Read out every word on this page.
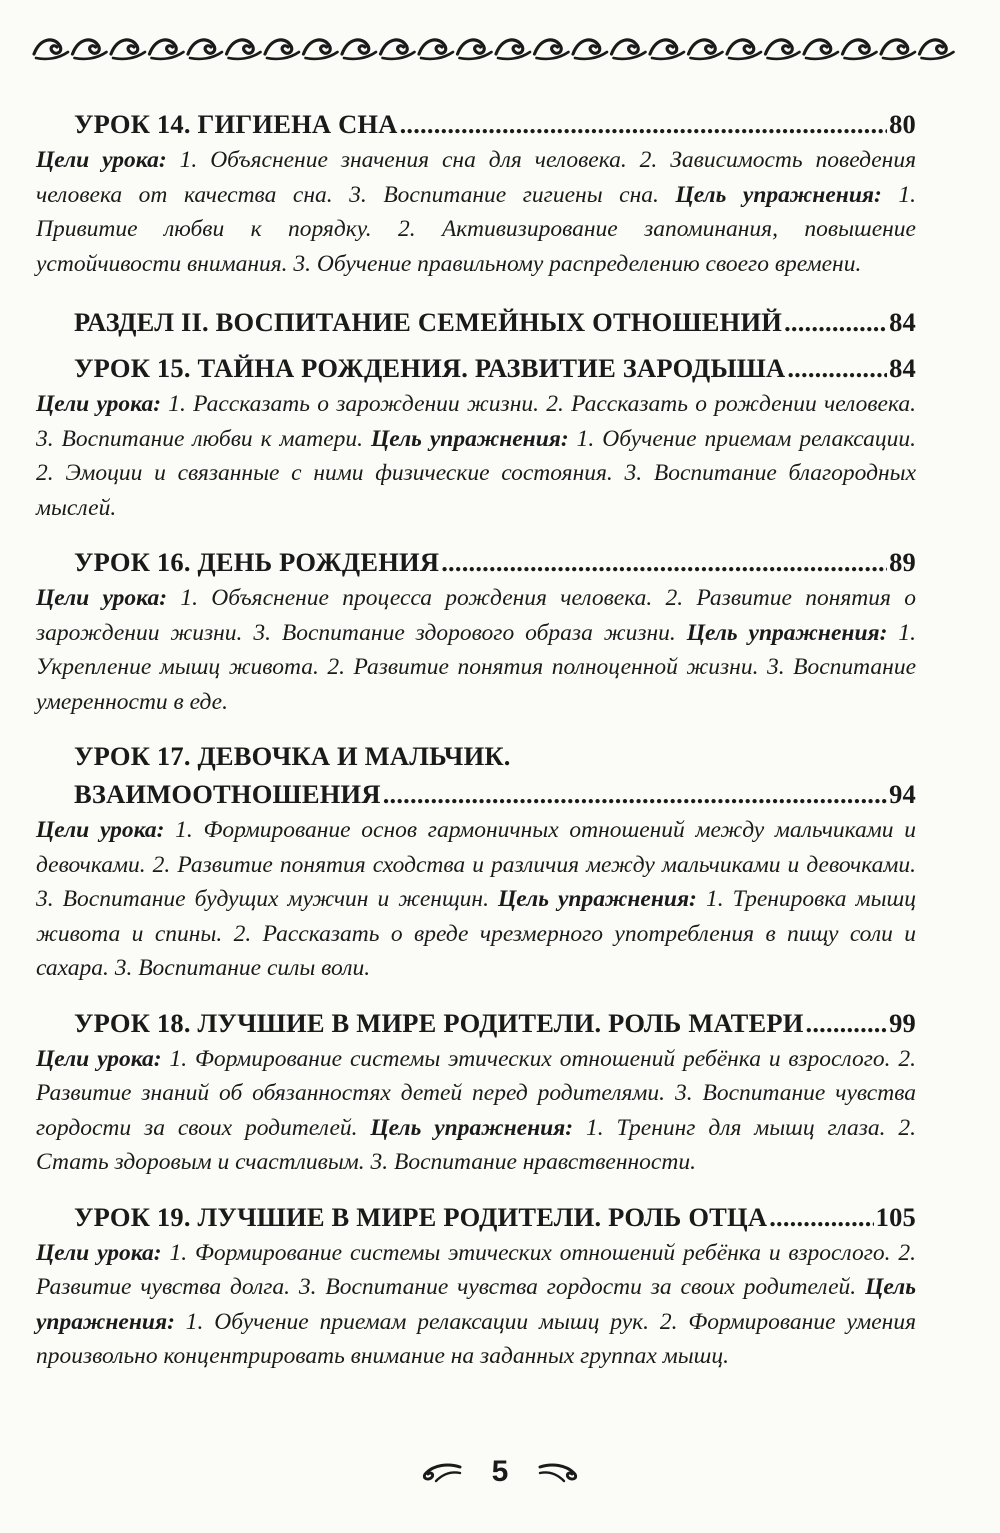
УРОК 14. ГИГИЕНА СНА .....	80

Цели урока: 1. Объяснение значения сна для человека. 2. Зависимость поведения человека от качества сна. 3. Воспитание гигиены сна. Цель упражнения: 1. Привитие любви к порядку. 2. Активизирование запоминания, повышение устойчивости внимания. 3. Обучение правильному распределению своего времени.

РАЗДЕЛ II. ВОСПИТАНИЕ СЕМЕЙНЫХ ОТНОШЕНИЙ .....	84
УРОК 15. ТАЙНА РОЖДЕНИЯ. РАЗВИТИЕ ЗАРОДЫША .....	84

Цели урока: 1. Рассказать о зарождении жизни. 2. Рассказать о рождении человека. 3. Воспитание любви к матери. Цель упражнения: 1. Обучение приемам релаксации. 2. Эмоции и связанные с ними физические состояния. 3. Воспитание благородных мыслей.

УРОК 16. ДЕНЬ РОЖДЕНИЯ .....	89

Цели урока: 1. Объяснение процесса рождения человека. 2. Развитие понятия о зарождении жизни. 3. Воспитание здорового образа жизни. Цель упражнения: 1. Укрепление мышц живота. 2. Развитие понятия полноценной жизни. 3. Воспитание умеренности в еде.

УРОК 17. ДЕВОЧКА И МАЛЬЧИК.
ВЗАИМООТНОШЕНИЯ .....	94

Цели урока: 1. Формирование основ гармоничных отношений между мальчиками и девочками. 2. Развитие понятия сходства и различия между мальчиками и девочками. 3. Воспитание будущих мужчин и женщин. Цель упражнения: 1. Тренировка мышц живота и спины. 2. Рассказать о вреде чрезмерного употребления в пищу соли и сахара. 3. Воспитание силы воли.

УРОК 18. ЛУЧШИЕ В МИРЕ РОДИТЕЛИ. РОЛЬ МАТЕРИ .....	99

Цели урока: 1. Формирование системы этических отношений ребёнка и взрослого. 2. Развитие знаний об обязанностях детей перед родителями. 3. Воспитание чувства гордости за своих родителей. Цель упражнения: 1. Тренинг для мышц глаза. 2. Стать здоровым и счастливым. 3. Воспитание нравственности.

УРОК 19. ЛУЧШИЕ В МИРЕ РОДИТЕЛИ. РОЛЬ ОТЦА .....	105

Цели урока: 1. Формирование системы этических отношений ребёнка и взрослого. 2. Развитие чувства долга. 3. Воспитание чувства гордости за своих родителей. Цель упражнения: 1. Обучение приемам релаксации мышц рук. 2. Формирование умения произвольно концентрировать внимание на заданных группах мышц.

5
